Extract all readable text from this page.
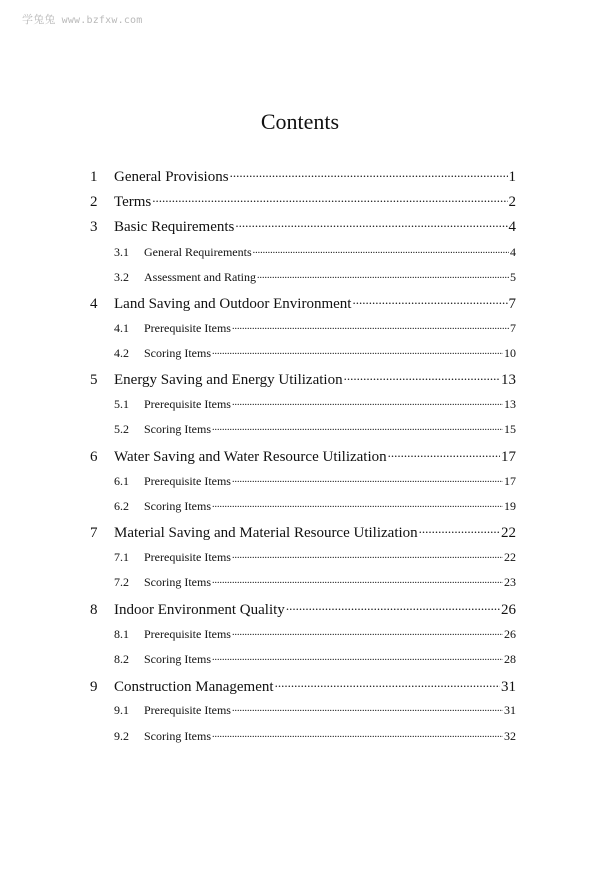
学兔兔 www.bzfxw.com
Contents
1	General Provisions .....	1
2	Terms .....	2
3	Basic Requirements .....	4
3.1	General Requirements .....	4
3.2	Assessment and Rating .....	5
4	Land Saving and Outdoor Environment .....	7
4.1	Prerequisite Items .....	7
4.2	Scoring Items .....	10
5	Energy Saving and Energy Utilization .....	13
5.1	Prerequisite Items .....	13
5.2	Scoring Items .....	15
6	Water Saving and Water Resource Utilization .....	17
6.1	Prerequisite Items .....	17
6.2	Scoring Items .....	19
7	Material Saving and Material Resource Utilization .....	22
7.1	Prerequisite Items .....	22
7.2	Scoring Items .....	23
8	Indoor Environment Quality .....	26
8.1	Prerequisite Items .....	26
8.2	Scoring Items .....	28
9	Construction Management .....	31
9.1	Prerequisite Items .....	31
9.2	Scoring Items .....	32
